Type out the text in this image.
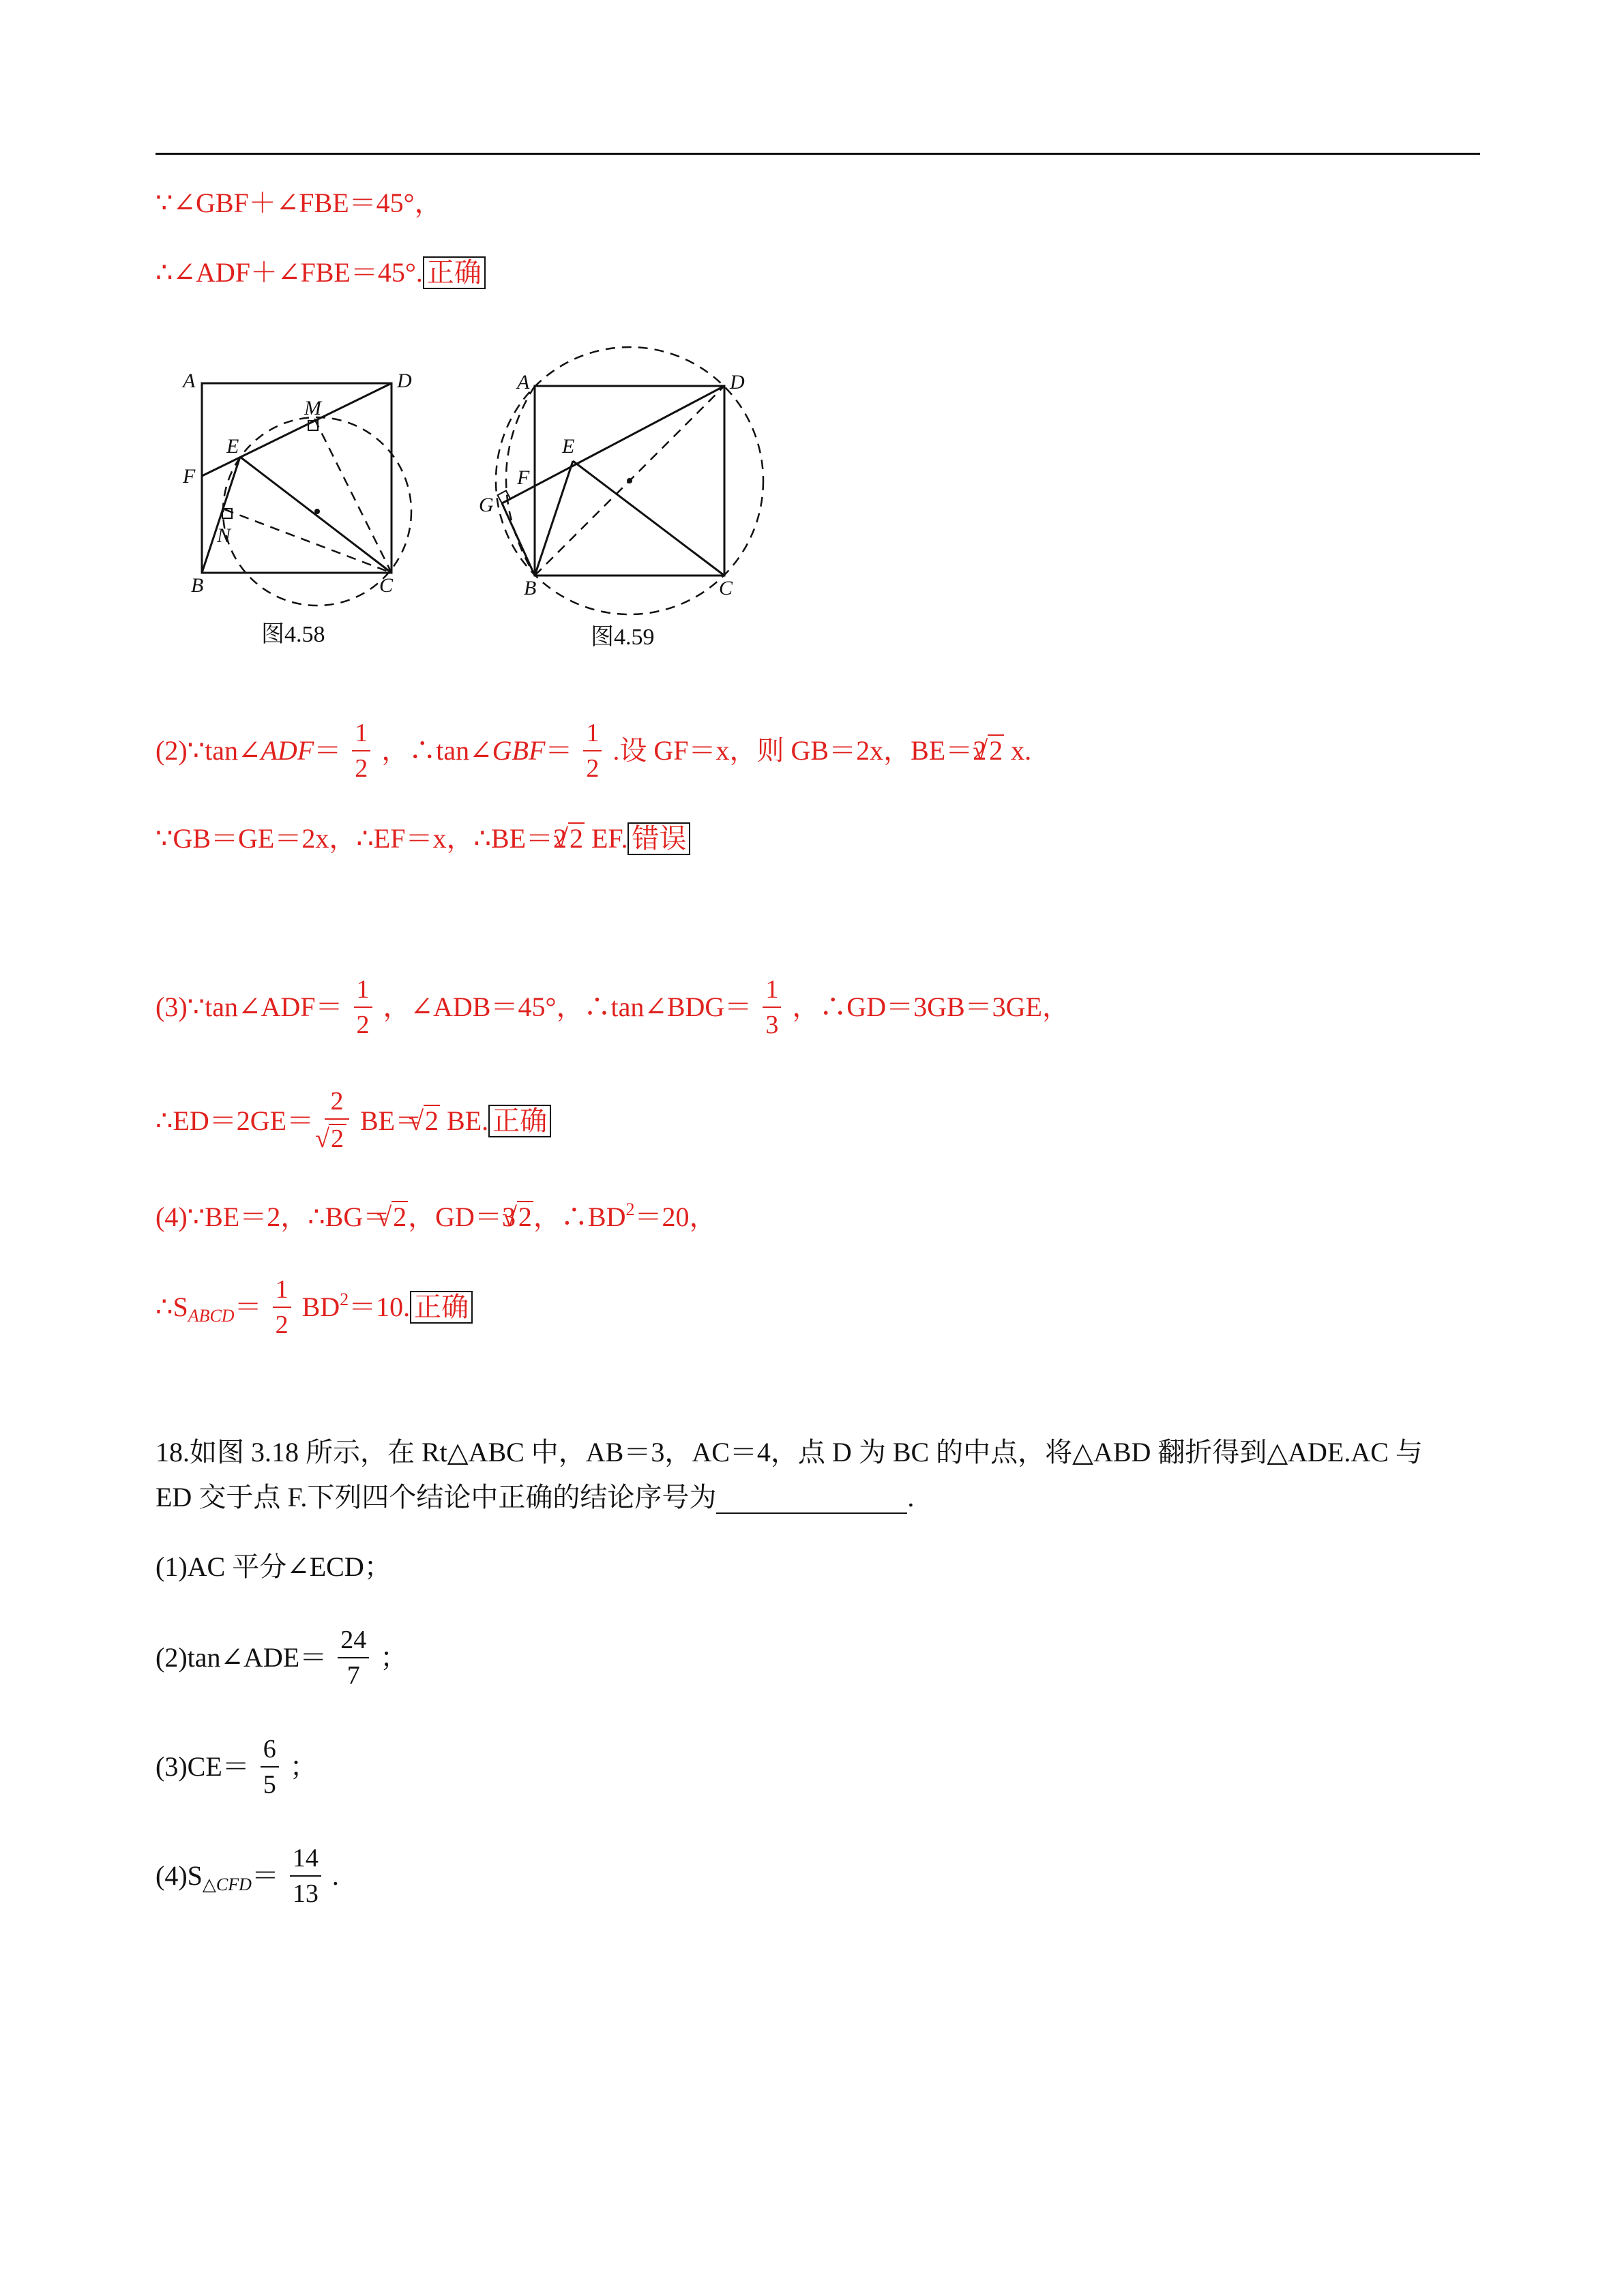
∵∠GBF＋∠FBE＝45°，
∴∠ADF＋∠FBE＝45°. 正确
A	D
M
E
F
N
B	C
图4.58
A	D
E
F
G
B	C
图4.59
(2)∵tan∠ADF＝ $\frac{1}{2}$ ，∴tan∠GBF＝ $\frac{1}{2}$ .设 GF＝x，则 GB＝2x，BE＝2√ 2 x.
∵GB＝GE＝2x，∴EF＝x，∴BE＝2√ 2 EF. 错误
(3)∵tan∠ADF＝ $\frac{1}{2}$ ，∠ADB＝45°，∴tan∠BDG＝ $\frac{1}{3}$ ，∴GD＝3GB＝3GE，
∴ED＝2GE＝ 2
√ 2 BE＝√ 2 BE. 正确
(4)∵BE＝2，∴BG＝√ 2，GD＝3√ 2，$\therefore BD^2=20$，
$\therefore S_{ABCD}= \frac{1}{2} BD^2=10$. 正确
18.如图 3.18 所示，在 Rt△ABC 中，AB＝3，AC＝4，点 D 为 BC 的中点，将△ABD 翻折得到△ADE.AC 与
ED 交于点 F.下列四个结论中正确的结论序号为	.
(1)AC 平分∠ECD；
(2)tan∠ADE＝ $\frac{24}{7}$ ；
$(3)CE= \frac{6}{5}$ ；
$(4)S_{\triangle CFD}= \frac{14}{13}$ .
